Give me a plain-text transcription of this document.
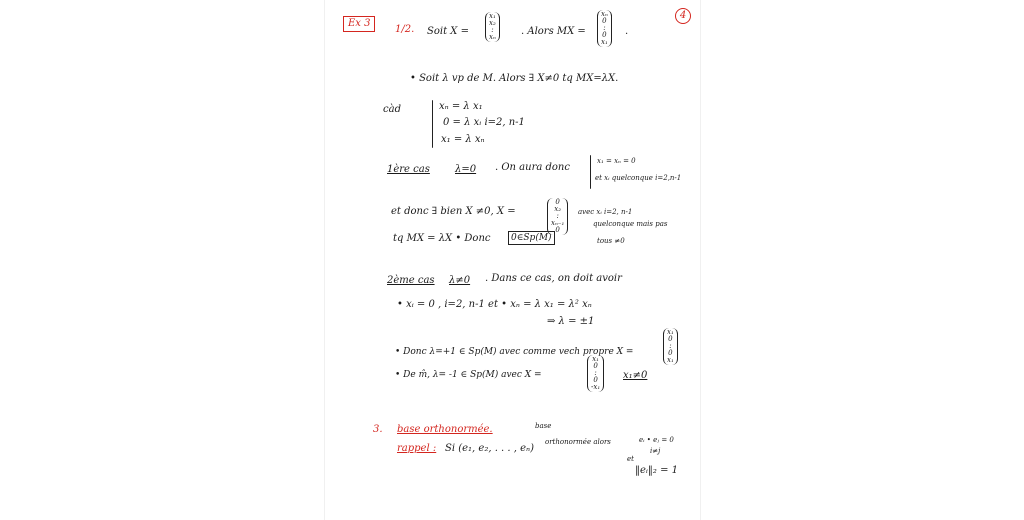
Ex 3
4
1/2. Soit X =
x₁
x₂
:
xₙ	. Alors MX =
xₙ
0
:
0
x₁
.
• Soit λ vp de M. Alors ∃ X≠0 tq MX=λX.
càd	xₙ = λ x₁
0 = λ xᵢ i=2, n-1
x₁ = λ xₙ
1ère cas	λ=0 . On aura donc
x₁ = xₙ = 0
et xᵢ quelconque i=2,n-1
et donc ∃ bien X ≠0, X =
0
x₂
:
xₙ₋₁
0
avec xᵢ i=2, n-1
quelconque mais pas
tous ≠0
tq MX = λX • Donc	0∈Sp(M)
2ème cas λ≠0 . Dans ce cas, on doit avoir
• xᵢ = 0 , i=2, n-1 et • xₙ = λ x₁ = λ² xₙ
⇒ λ = ±1
• Donc λ=+1 ∈ Sp(M) avec comme vech propre X =
x₁
0
:
0
x₁
• De m̂, λ= -1 ∈ Sp(M) avec X =
x₁
0
:
0
-x₁
x₁≠0
3. base orthonormée.	base
rappel : Si (e₁, e₂, . . . , eₙ)
orthonormée alors	eᵢ • eⱼ = 0
i≠j
et
‖eᵢ‖₂ = 1
